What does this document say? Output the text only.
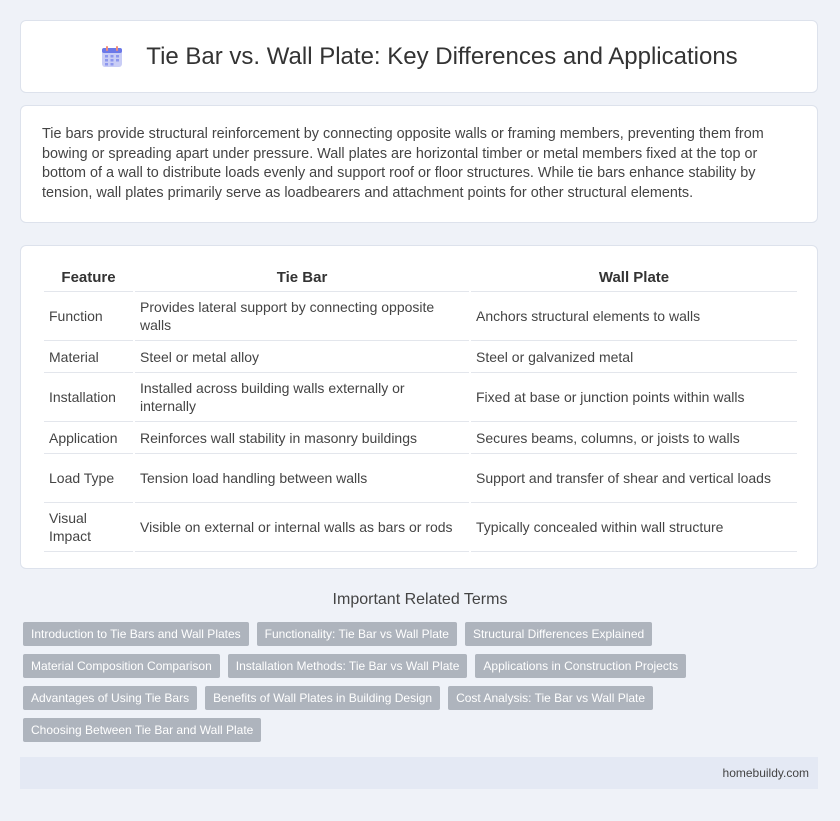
Tie Bar vs. Wall Plate: Key Differences and Applications

Tie bars provide structural reinforcement by connecting opposite walls or framing members, preventing them from bowing or spreading apart under pressure. Wall plates are horizontal timber or metal members fixed at the top or bottom of a wall to distribute loads evenly and support roof or floor structures. While tie bars enhance stability by tension, wall plates primarily serve as loadbearers and attachment points for other structural elements.

Feature	Tie Bar	Wall Plate
Function	Provides lateral support by connecting opposite walls	Anchors structural elements to walls
Material	Steel or metal alloy	Steel or galvanized metal
Installation	Installed across building walls externally or internally	Fixed at base or junction points within walls
Application	Reinforces wall stability in masonry buildings	Secures beams, columns, or joists to walls
Load Type	Tension load handling between walls	Support and transfer of shear and vertical loads
Visual Impact	Visible on external or internal walls as bars or rods	Typically concealed within wall structure
Important Related Terms
Introduction to Tie Bars and Wall Plates	Functionality: Tie Bar vs Wall Plate	Structural Differences Explained
Material Composition Comparison	Installation Methods: Tie Bar vs Wall Plate	Applications in Construction Projects
Advantages of Using Tie Bars	Benefits of Wall Plates in Building Design	Cost Analysis: Tie Bar vs Wall Plate
Choosing Between Tie Bar and Wall Plate
homebuildy.com
